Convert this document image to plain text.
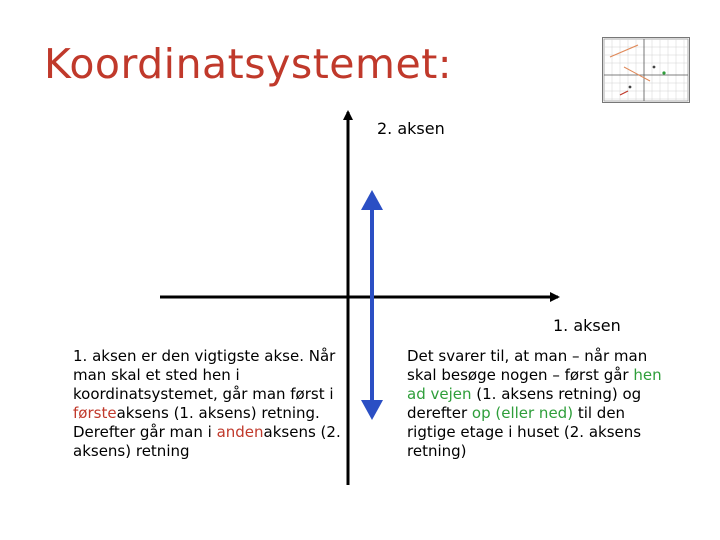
Koordinatsystemet:
2. aksen
1. aksen
1. aksen er den vigtigste akse. Når man skal et sted hen i koordinatsystemet, går man først i førsteaksens (1. aksens) retning. Derefter går man i andenaksens (2. aksens) retning
Det svarer til, at man – når man skal besøge nogen – først går hen ad vejen (1. aksens retning) og derefter op (eller ned) til den rigtige etage i huset (2. aksens retning)
